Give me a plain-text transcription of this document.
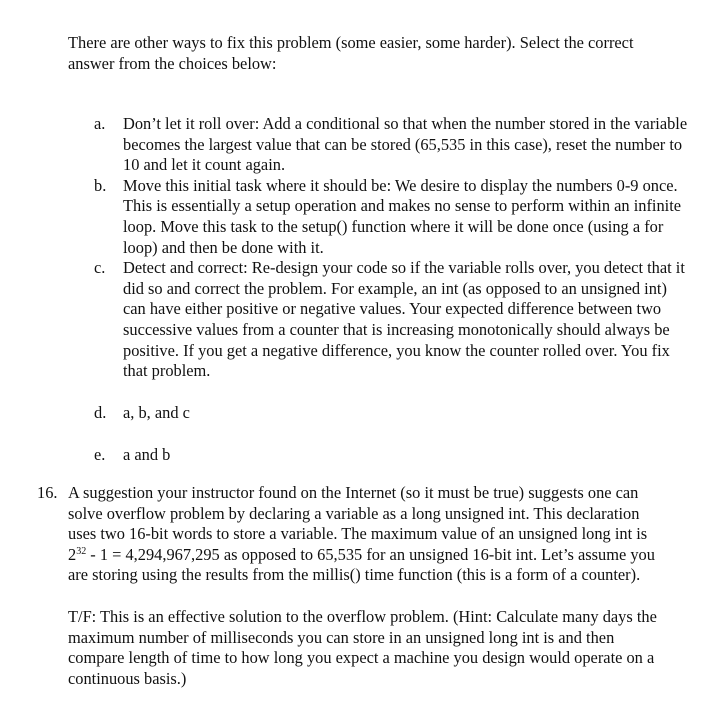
There are other ways to fix this problem (some easier, some harder). Select the correct answer from the choices below:

a.	Don’t let it roll over: Add a conditional so that when the number stored in the variable becomes the largest value that can be stored (65,535 in this case), reset the number to 10 and let it count again.
b.	Move this initial task where it should be: We desire to display the numbers 0-9 once. This is essentially a setup operation and makes no sense to perform within an infinite loop. Move this task to the setup() function where it will be done once (using a for loop) and then be done with it.
c.	Detect and correct: Re-design your code so if the variable rolls over, you detect that it did so and correct the problem. For example, an int (as opposed to an unsigned int) can have either positive or negative values. Your expected difference between two successive values from a counter that is increasing monotonically should always be positive. If you get a negative difference, you know the counter rolled over. You fix that problem.
d.	a, b, and c
e.	a and b
16. A suggestion your instructor found on the Internet (so it must be true) suggests one can solve overflow problem by declaring a variable as a long unsigned int. This declaration uses two 16-bit words to store a variable. The maximum value of an unsigned long int is $2^{32} - 1 = 4,294,967,295$ as opposed to 65,535 for an unsigned 16-bit int. Let’s assume you are storing using the results from the millis() time function (this is a form of a counter).

T/F: This is an effective solution to the overflow problem. (Hint: Calculate many days the maximum number of milliseconds you can store in an unsigned long int is and then compare length of time to how long you expect a machine you design would operate on a continuous basis.)
